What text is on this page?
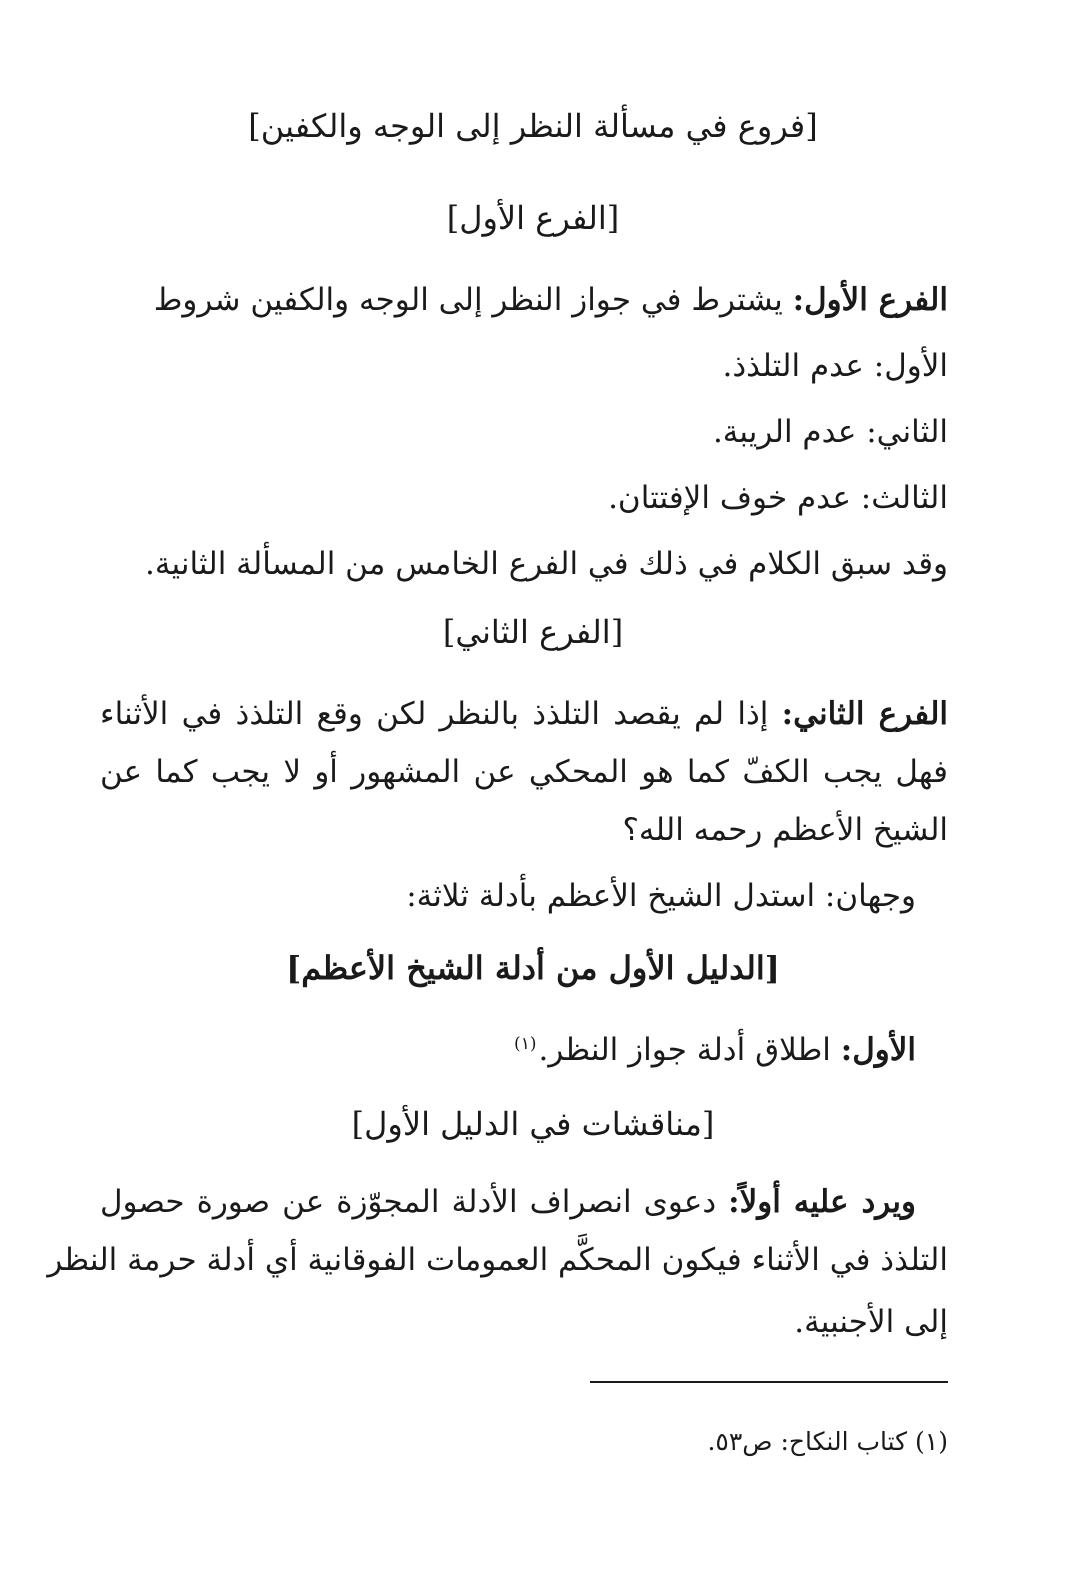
[فروع في مسألة النظر إلى الوجه والكفين]
[الفرع الأول]
الفرع الأول: يشترط في جواز النظر إلى الوجه والكفين شروط
الأول: عدم التلذذ.
الثاني: عدم الريبة.
الثالث: عدم خوف الإفتتان.
وقد سبق الكلام في ذلك في الفرع الخامس من المسألة الثانية.
[الفرع الثاني]
الفرع الثاني: إذا لم يقصد التلذذ بالنظر لكن وقع التلذذ في الأثناء
فهل يجب الكفّ كما هو المحكي عن المشهور أو لا يجب كما عن
الشيخ الأعظم رحمه الله؟
وجهان: استدل الشيخ الأعظم بأدلة ثلاثة:
[الدليل الأول من أدلة الشيخ الأعظم]
الأول: اطلاق أدلة جواز النظر.$^{(١)}$
[مناقشات في الدليل الأول]
ويرد عليه أولاً: دعوى انصراف الأدلة المجوّزة عن صورة حصول
التلذذ في الأثناء فيكون المحكَّم العمومات الفوقانية أي أدلة حرمة النظر
إلى الأجنبية.
(١) كتاب النكاح: ص٥٣.
